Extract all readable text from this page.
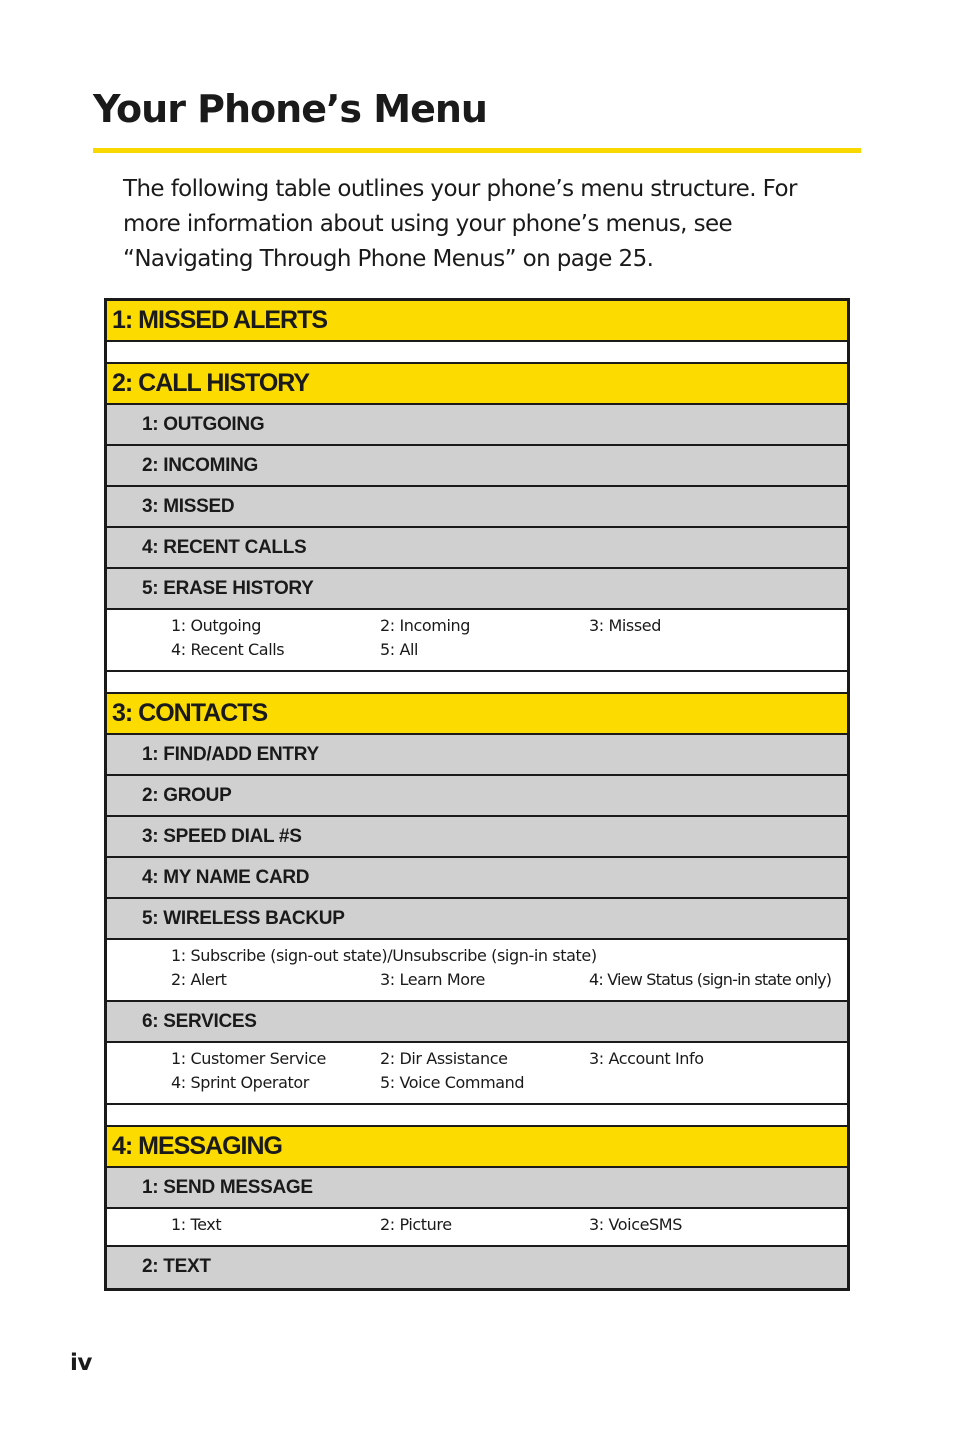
Your Phone’s Menu

The following table outlines your phone’s menu structure. For
more information about using your phone’s menus, see
“Navigating Through Phone Menus” on page 25.

1: MISSED ALERTS
2: CALL HISTORY
1: OUTGOING
2: INCOMING
3: MISSED
4: RECENT CALLS
5: ERASE HISTORY
1: Outgoing	2: Incoming	3: Missed
4: Recent Calls	5: All
3: CONTACTS
1: FIND/ADD ENTRY
2: GROUP
3: SPEED DIAL #S
4: MY NAME CARD
5: WIRELESS BACKUP
1: Subscribe (sign-out state)/Unsubscribe (sign-in state)
2: Alert	3: Learn More	4: View Status (sign-in state only)
6: SERVICES
1: Customer Service	2: Dir Assistance	3: Account Info
4: Sprint Operator	5: Voice Command
4: MESSAGING
1: SEND MESSAGE
1: Text	2: Picture	3: VoiceSMS
2: TEXT

iv
